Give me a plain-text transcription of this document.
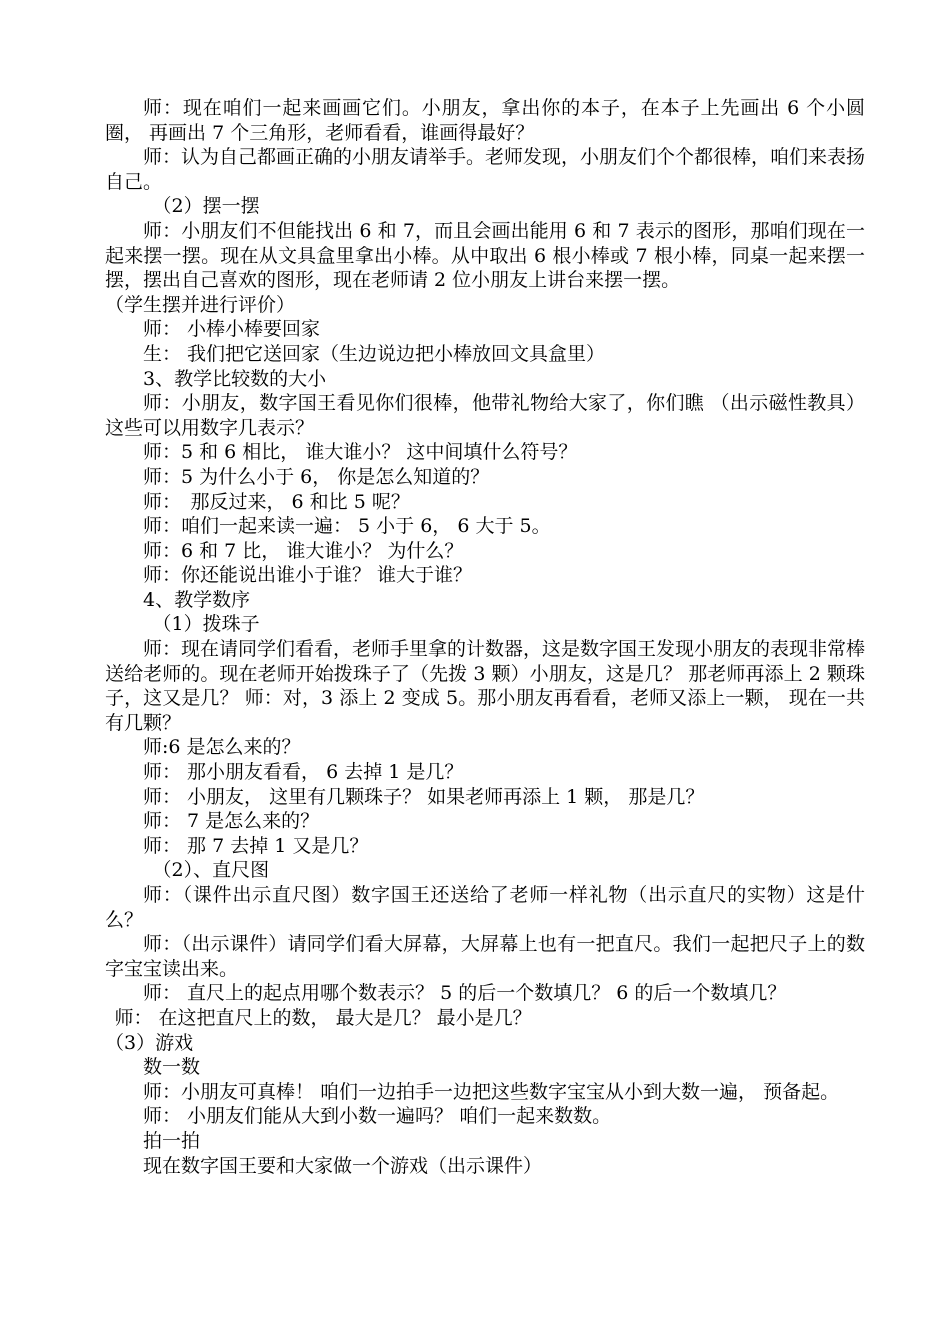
师：现在咱们一起来画画它们。小朋友，拿出你的本子，在本子上先画出 6 个小圆圈， 再画出 7 个三角形，老师看看，谁画得最好？

师：认为自己都画正确的小朋友请举手。老师发现，小朋友们个个都很棒，咱们来表扬自己。

（2）摆一摆

师：小朋友们不但能找出 6 和 7，而且会画出能用 6 和 7 表示的图形，那咱们现在一起来摆一摆。现在从文具盒里拿出小棒。从中取出 6 根小棒或 7 根小棒，同桌一起来摆一摆，摆出自己喜欢的图形，现在老师请 2 位小朋友上讲台来摆一摆。

（学生摆并进行评价）

师： 小棒小棒要回家

生： 我们把它送回家（生边说边把小棒放回文具盒里）

3、教学比较数的大小

师：小朋友，数字国王看见你们很棒，他带礼物给大家了，你们瞧 （出示磁性教具）这些可以用数字几表示？

师：5 和 6 相比， 谁大谁小？ 这中间填什么符号？

师：5 为什么小于 6， 你是怎么知道的？

师：　那反过来， 6 和比 5 呢？

师：咱们一起来读一遍： 5 小于 6， 6 大于 5。

师：6 和 7 比， 谁大谁小？ 为什么？

师：你还能说出谁小于谁？ 谁大于谁？

4、教学数序

（1）拨珠子

师：现在请同学们看看，老师手里拿的计数器，这是数字国王发现小朋友的表现非常棒送给老师的。现在老师开始拨珠子了（先拨 3 颗）小朋友，这是几？ 那老师再添上 2 颗珠子，这又是几？ 师：对，3 添上 2 变成 5。那小朋友再看看，老师又添上一颗， 现在一共有几颗？

师:6 是怎么来的？

师： 那小朋友看看， 6 去掉 1 是几？

师： 小朋友， 这里有几颗珠子？ 如果老师再添上 1 颗， 那是几？

师： 7 是怎么来的？

师： 那 7 去掉 1 又是几？

（2）、直尺图

师：（课件出示直尺图）数字国王还送给了老师一样礼物（出示直尺的实物）这是什么？

师：（出示课件）请同学们看大屏幕，大屏幕上也有一把直尺。我们一起把尺子上的数字宝宝读出来。

师： 直尺上的起点用哪个数表示？ 5 的后一个数填几？ 6 的后一个数填几？

师： 在这把直尺上的数， 最大是几？ 最小是几？

（3）游戏

数一数

师：小朋友可真棒！ 咱们一边拍手一边把这些数字宝宝从小到大数一遍， 预备起。

师： 小朋友们能从大到小数一遍吗？ 咱们一起来数数。

拍一拍

现在数字国王要和大家做一个游戏（出示课件）
